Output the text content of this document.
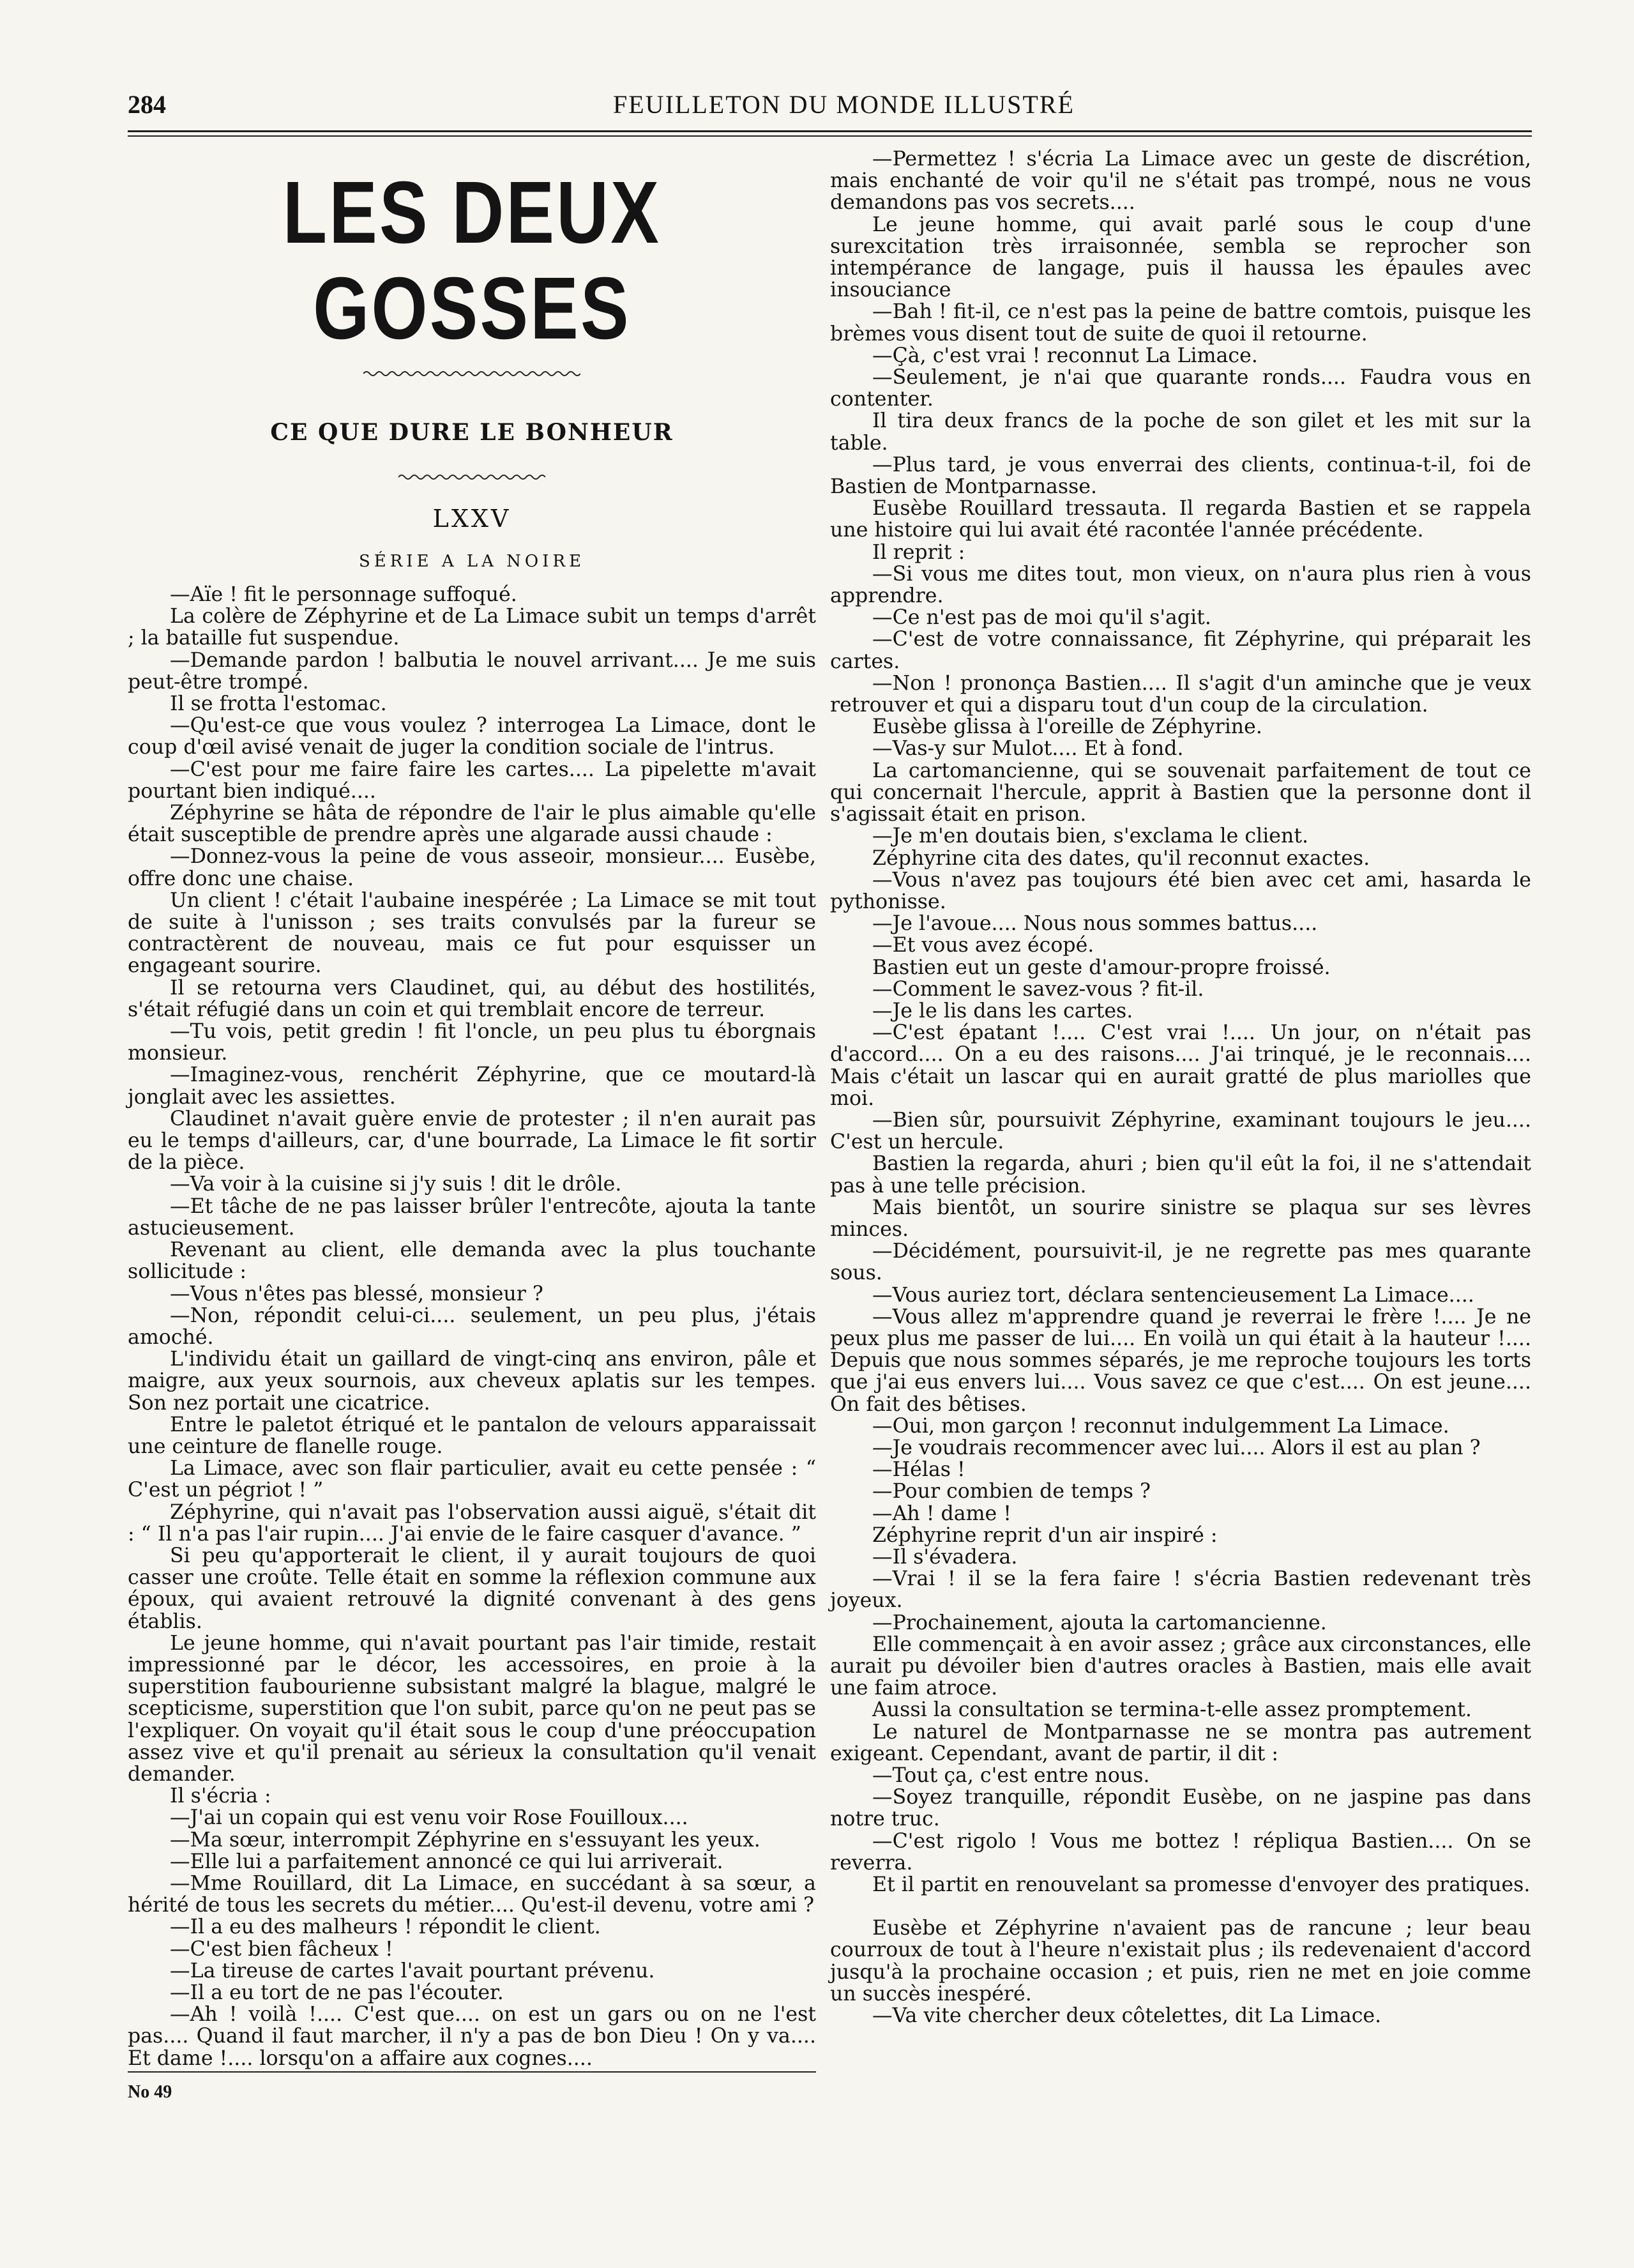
284	FEUILLETON DU MONDE ILLUSTRÉ
LES DEUX GOSSES

CE QUE DURE LE BONHEUR

LXXV

SÉRIE A LA NOIRE

—Aïe ! fit le personnage suffoqué.

La colère de Zéphyrine et de La Limace subit un temps d'arrêt ; la bataille fut suspendue.

—Demande pardon ! balbutia le nouvel arrivant.... Je me suis peut-être trompé.

Il se frotta l'estomac.

—Qu'est-ce que vous voulez ? interrogea La Limace, dont le coup d'œil avisé venait de juger la condition sociale de l'intrus.

—C'est pour me faire faire les cartes.... La pipelette m'avait pourtant bien indiqué....

Zéphyrine se hâta de répondre de l'air le plus aimable qu'elle était susceptible de prendre après une algarade aussi chaude :

—Donnez-vous la peine de vous asseoir, monsieur.... Eusèbe, offre donc une chaise.

Un client ! c'était l'aubaine inespérée ; La Limace se mit tout de suite à l'unisson ; ses traits convulsés par la fureur se contractèrent de nouveau, mais ce fut pour esquisser un engageant sourire.

Il se retourna vers Claudinet, qui, au début des hostilités, s'était réfugié dans un coin et qui tremblait encore de terreur.

—Tu vois, petit gredin ! fit l'oncle, un peu plus tu éborgnais monsieur.

—Imaginez-vous, renchérit Zéphyrine, que ce moutard-là jonglait avec les assiettes.

Claudinet n'avait guère envie de protester ; il n'en aurait pas eu le temps d'ailleurs, car, d'une bourrade, La Limace le fit sortir de la pièce.

—Va voir à la cuisine si j'y suis ! dit le drôle.

—Et tâche de ne pas laisser brûler l'entrecôte, ajouta la tante astucieusement.

Revenant au client, elle demanda avec la plus touchante sollicitude :

—Vous n'êtes pas blessé, monsieur ?

—Non, répondit celui-ci.... seulement, un peu plus, j'étais amoché.

L'individu était un gaillard de vingt-cinq ans environ, pâle et maigre, aux yeux sournois, aux cheveux aplatis sur les tempes. Son nez portait une cicatrice.

Entre le paletot étriqué et le pantalon de velours apparaissait une ceinture de flanelle rouge.

La Limace, avec son flair particulier, avait eu cette pensée : “ C'est un pégriot ! ”

Zéphyrine, qui n'avait pas l'observation aussi aiguë, s'était dit : “ Il n'a pas l'air rupin.... J'ai envie de le faire casquer d'avance. ”

Si peu qu'apporterait le client, il y aurait toujours de quoi casser une croûte. Telle était en somme la réflexion commune aux époux, qui avaient retrouvé la dignité convenant à des gens établis.

Le jeune homme, qui n'avait pourtant pas l'air timide, restait impressionné par le décor, les accessoires, en proie à la superstition faubourienne subsistant malgré la blague, malgré le scepticisme, superstition que l'on subit, parce qu'on ne peut pas se l'expliquer. On voyait qu'il était sous le coup d'une préoccupation assez vive et qu'il prenait au sérieux la consultation qu'il venait demander.

Il s'écria :

—J'ai un copain qui est venu voir Rose Fouilloux....

—Ma sœur, interrompit Zéphyrine en s'essuyant les yeux.

—Elle lui a parfaitement annoncé ce qui lui arriverait.

—Mme Rouillard, dit La Limace, en succédant à sa sœur, a hérité de tous les secrets du métier.... Qu'est-il devenu, votre ami ?

—Il a eu des malheurs ! répondit le client.

—C'est bien fâcheux !

—La tireuse de cartes l'avait pourtant prévenu.

—Il a eu tort de ne pas l'écouter.

—Ah ! voilà !.... C'est que.... on est un gars ou on ne l'est pas.... Quand il faut marcher, il n'y a pas de bon Dieu ! On y va.... Et dame !.... lorsqu'on a affaire aux cognes....

—Permettez ! s'écria La Limace avec un geste de discrétion, mais enchanté de voir qu'il ne s'était pas trompé, nous ne vous demandons pas vos secrets....

Le jeune homme, qui avait parlé sous le coup d'une surexcitation très irraisonnée, sembla se reprocher son intempérance de langage, puis il haussa les épaules avec insouciance

—Bah ! fit-il, ce n'est pas la peine de battre comtois, puisque les brèmes vous disent tout de suite de quoi il retourne.

—Çà, c'est vrai ! reconnut La Limace.

—Seulement, je n'ai que quarante ronds.... Faudra vous en contenter.

Il tira deux francs de la poche de son gilet et les mit sur la table.

—Plus tard, je vous enverrai des clients, continua-t-il, foi de Bastien de Montparnasse.

Eusèbe Rouillard tressauta. Il regarda Bastien et se rappela une histoire qui lui avait été racontée l'année précédente.

Il reprit :

—Si vous me dites tout, mon vieux, on n'aura plus rien à vous apprendre.

—Ce n'est pas de moi qu'il s'agit.

—C'est de votre connaissance, fit Zéphyrine, qui préparait les cartes.

—Non ! prononça Bastien.... Il s'agit d'un aminche que je veux retrouver et qui a disparu tout d'un coup de la circulation.

Eusèbe glissa à l'oreille de Zéphyrine.

—Vas-y sur Mulot.... Et à fond.

La cartomancienne, qui se souvenait parfaitement de tout ce qui concernait l'hercule, apprit à Bastien que la personne dont il s'agissait était en prison.

—Je m'en doutais bien, s'exclama le client.

Zéphyrine cita des dates, qu'il reconnut exactes.

—Vous n'avez pas toujours été bien avec cet ami, hasarda le pythonisse.

—Je l'avoue.... Nous nous sommes battus....

—Et vous avez écopé.

Bastien eut un geste d'amour-propre froissé.

—Comment le savez-vous ? fit-il.

—Je le lis dans les cartes.

—C'est épatant !.... C'est vrai !.... Un jour, on n'était pas d'accord.... On a eu des raisons.... J'ai trinqué, je le reconnais.... Mais c'était un lascar qui en aurait gratté de plus mariolles que moi.

—Bien sûr, poursuivit Zéphyrine, examinant toujours le jeu.... C'est un hercule.

Bastien la regarda, ahuri ; bien qu'il eût la foi, il ne s'attendait pas à une telle précision.

Mais bientôt, un sourire sinistre se plaqua sur ses lèvres minces.

—Décidément, poursuivit-il, je ne regrette pas mes quarante sous.

—Vous auriez tort, déclara sentencieusement La Limace....

—Vous allez m'apprendre quand je reverrai le frère !.... Je ne peux plus me passer de lui.... En voilà un qui était à la hauteur !.... Depuis que nous sommes séparés, je me reproche toujours les torts que j'ai eus envers lui.... Vous savez ce que c'est.... On est jeune.... On fait des bêtises.

—Oui, mon garçon ! reconnut indulgemment La Limace.

—Je voudrais recommencer avec lui.... Alors il est au plan ?

—Hélas !

—Pour combien de temps ?

—Ah ! dame !

Zéphyrine reprit d'un air inspiré :

—Il s'évadera.

—Vrai ! il se la fera faire ! s'écria Bastien redevenant très joyeux.

—Prochainement, ajouta la cartomancienne.

Elle commençait à en avoir assez ; grâce aux circonstances, elle aurait pu dévoiler bien d'autres oracles à Bastien, mais elle avait une faim atroce.

Aussi la consultation se termina-t-elle assez promptement.

Le naturel de Montparnasse ne se montra pas autrement exigeant. Cependant, avant de partir, il dit :

—Tout ça, c'est entre nous.

—Soyez tranquille, répondit Eusèbe, on ne jaspine pas dans notre truc.

—C'est rigolo ! Vous me bottez ! répliqua Bastien.... On se reverra.

Et il partit en renouvelant sa promesse d'envoyer des pratiques.

Eusèbe et Zéphyrine n'avaient pas de rancune ; leur beau courroux de tout à l'heure n'existait plus ; ils redevenaient d'accord jusqu'à la prochaine occasion ; et puis, rien ne met en joie comme un succès inespéré.

—Va vite chercher deux côtelettes, dit La Limace.

No 49
